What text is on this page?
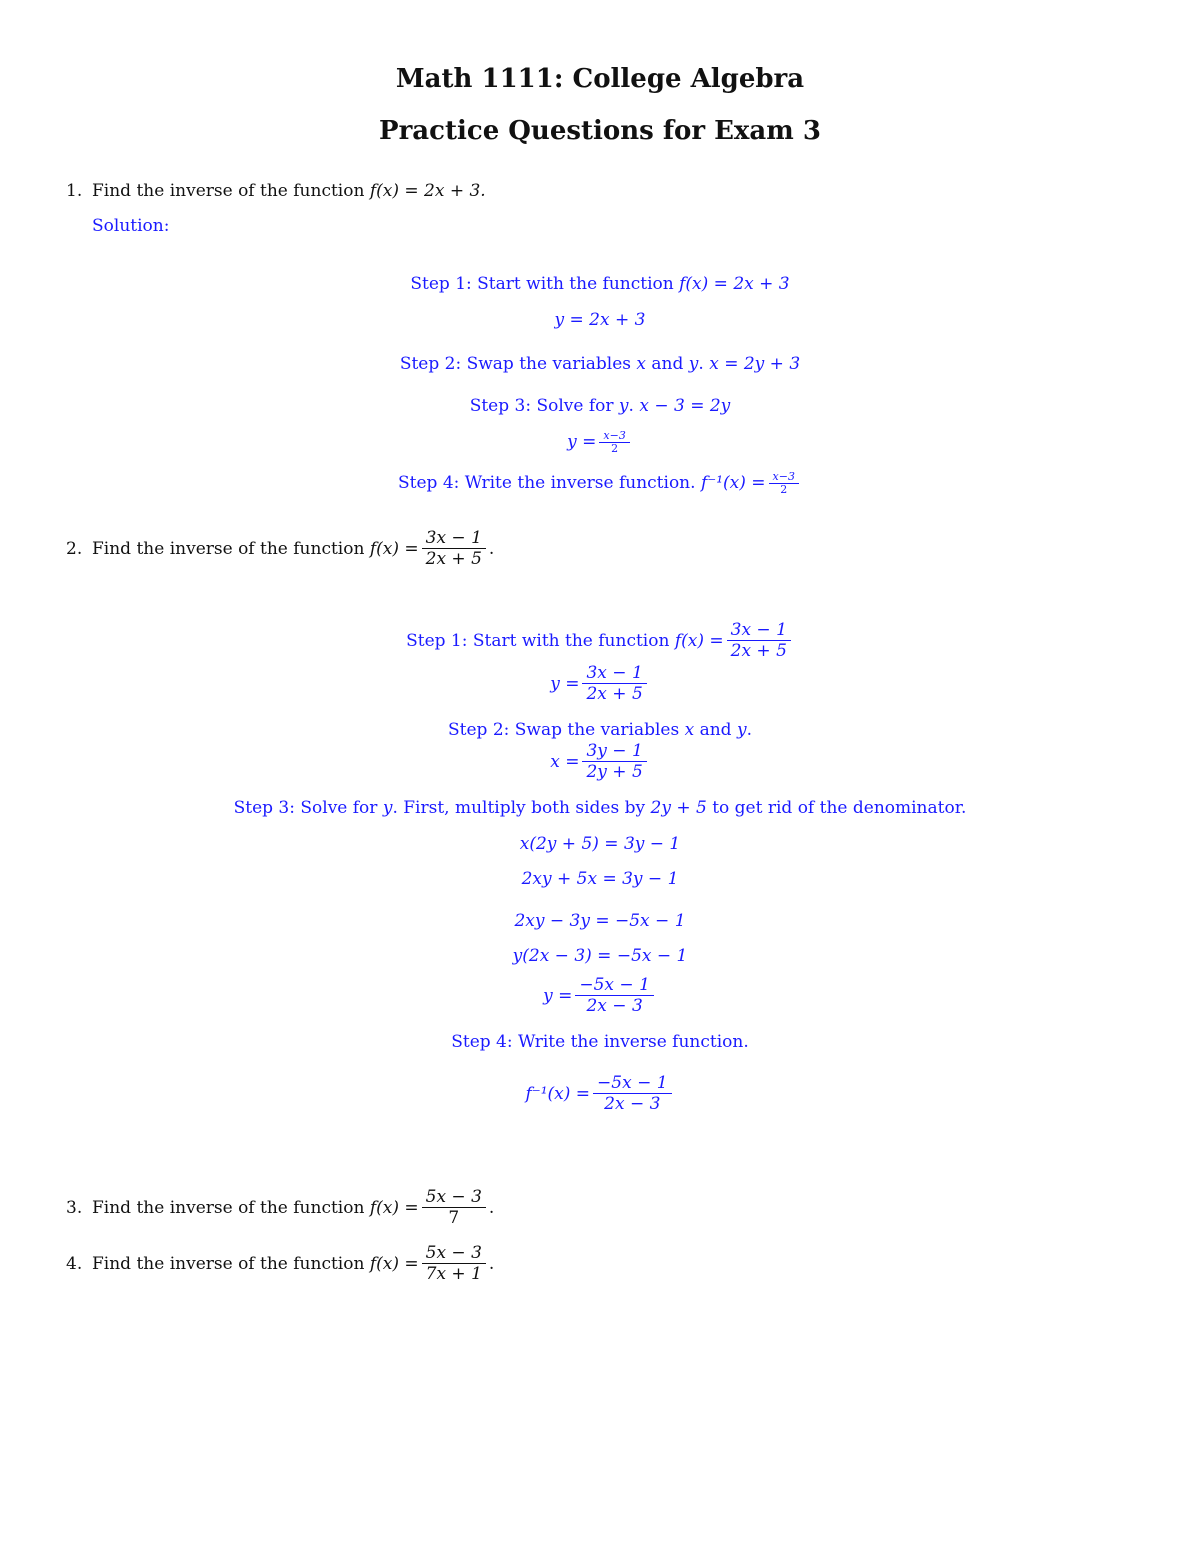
Math 1111: College Algebra
Practice Questions for Exam 3
1. Find the inverse of the function f(x) = 2x + 3.
Solution:
Step 1: Start with the function f(x) = 2x + 3
y = 2x + 3
Step 2: Swap the variables x and y. x = 2y + 3
Step 3: Solve for y. x − 3 = 2y
$y = \frac{x-3}{2}$
Step 4: Write the inverse function.
$f^{-1}(x) = \frac{x-3}{2}$
2. Find the inverse of the function
$f(x) = \frac{3x - 1}{2x + 5}$ .
Step 1: Start with the function
$f(x) = \frac{3x - 1}{2x + 5}$
$y = \frac{3x - 1}{2x + 5}$
Step 2: Swap the variables x and y.
$x = \frac{3y - 1}{2y + 5}$
Step 3: Solve for y. First, multiply both sides by 2y + 5 to get rid of the denominator.
x(2y + 5) = 3y − 1
2xy + 5x = 3y − 1
2xy − 3y = −5x − 1
y(2x − 3) = −5x − 1
$y = \frac{-5x - 1}{2x - 3}$
Step 4: Write the inverse function.
$f^{-1}(x) = \frac{-5x - 1}{2x - 3}$
3. Find the inverse of the function
$f(x) = \frac{5x - 3}{7}$ .
4. Find the inverse of the function
$f(x) = \frac{5x - 3}{7x + 1}$ .
